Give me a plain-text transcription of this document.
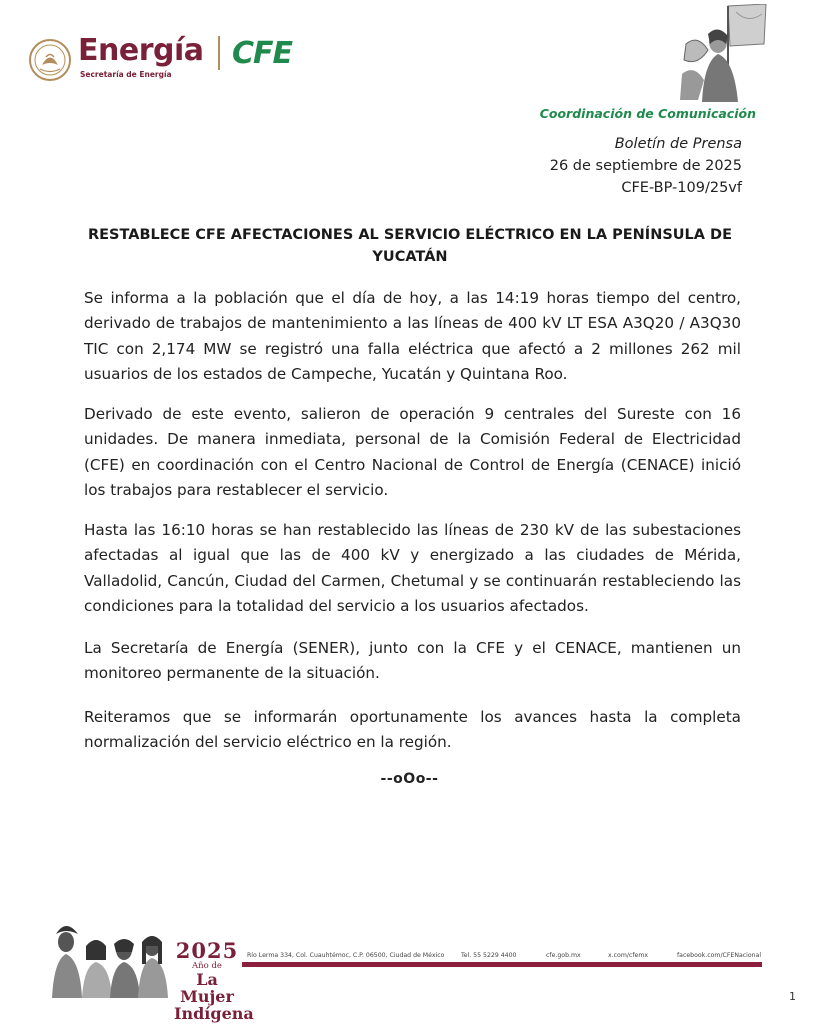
Energía
Secretaría de Energía
CFE
Coordinación de Comunicación
Boletín de Prensa
26 de septiembre de 2025
CFE-BP-109/25vf
RESTABLECE CFE AFECTACIONES AL SERVICIO ELÉCTRICO EN LA PENÍNSULA DE YUCATÁN
Se informa a la población que el día de hoy, a las 14:19 horas tiempo del centro, derivado de trabajos de mantenimiento a las líneas de 400 kV LT ESA A3Q20 / A3Q30 TIC con 2,174 MW se registró una falla eléctrica que afectó a 2 millones 262 mil usuarios de los estados de Campeche, Yucatán y Quintana Roo.
Derivado de este evento, salieron de operación 9 centrales del Sureste con 16 unidades. De manera inmediata, personal de la Comisión Federal de Electricidad (CFE) en coordinación con el Centro Nacional de Control de Energía (CENACE) inició los trabajos para restablecer el servicio.
Hasta las 16:10 horas se han restablecido las líneas de 230 kV de las subestaciones afectadas al igual que las de 400 kV y energizado a las ciudades de Mérida, Valladolid, Cancún, Ciudad del Carmen, Chetumal y se continuarán restableciendo las condiciones para la totalidad del servicio a los usuarios afectados.
La Secretaría de Energía (SENER), junto con la CFE y el CENACE, mantienen un monitoreo permanente de la situación.
Reiteramos que se informarán oportunamente los avances hasta la completa normalización del servicio eléctrico en la región.
--oOo--
2025
Año de
La Mujer
Indígena
Río Lerma 334, Col. Cuauhtémoc, C.P. 06500, Ciudad de México	Tel. 55 5229 4400	cfe.gob.mx	x.com/cfemx	facebook.com/CFENacional
1
